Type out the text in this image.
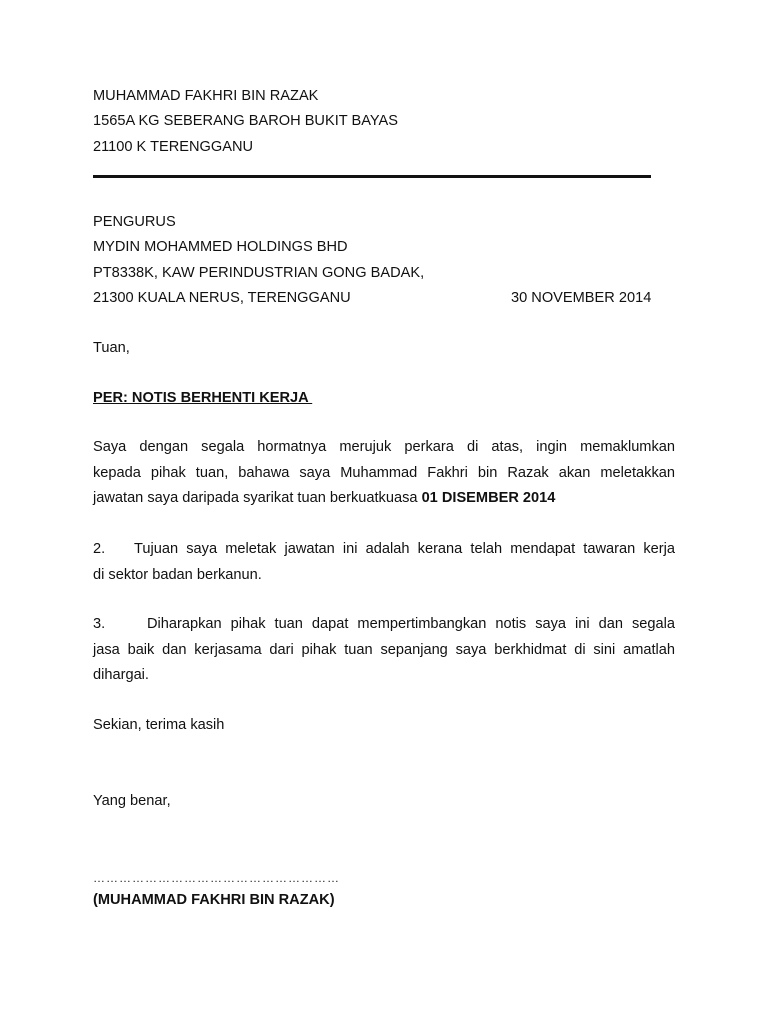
MUHAMMAD FAKHRI BIN RAZAK
1565A KG SEBERANG BAROH BUKIT BAYAS
21100 K TERENGGANU
PENGURUS
MYDIN MOHAMMED HOLDINGS BHD
PT8338K, KAW PERINDUSTRIAN GONG BADAK,
21300 KUALA NERUS, TERENGGANU	30 NOVEMBER 2014
Tuan,
PER: NOTIS BERHENTI KERJA
Saya dengan segala hormatnya merujuk perkara di atas, ingin memaklumkan
kepada pihak tuan, bahawa saya Muhammad Fakhri bin Razak akan meletakkan
jawatan saya daripada syarikat tuan berkuatkuasa 01 DISEMBER 2014
2. Tujuan saya meletak jawatan ini adalah kerana telah mendapat tawaran kerja
di sektor badan berkanun.
3.	Diharapkan pihak tuan dapat mempertimbangkan notis saya ini dan segala
jasa baik dan kerjasama dari pihak tuan sepanjang saya berkhidmat di sini amatlah
dihargai.
Sekian, terima kasih
Yang benar,
…………………………………………………
(MUHAMMAD FAKHRI BIN RAZAK)
